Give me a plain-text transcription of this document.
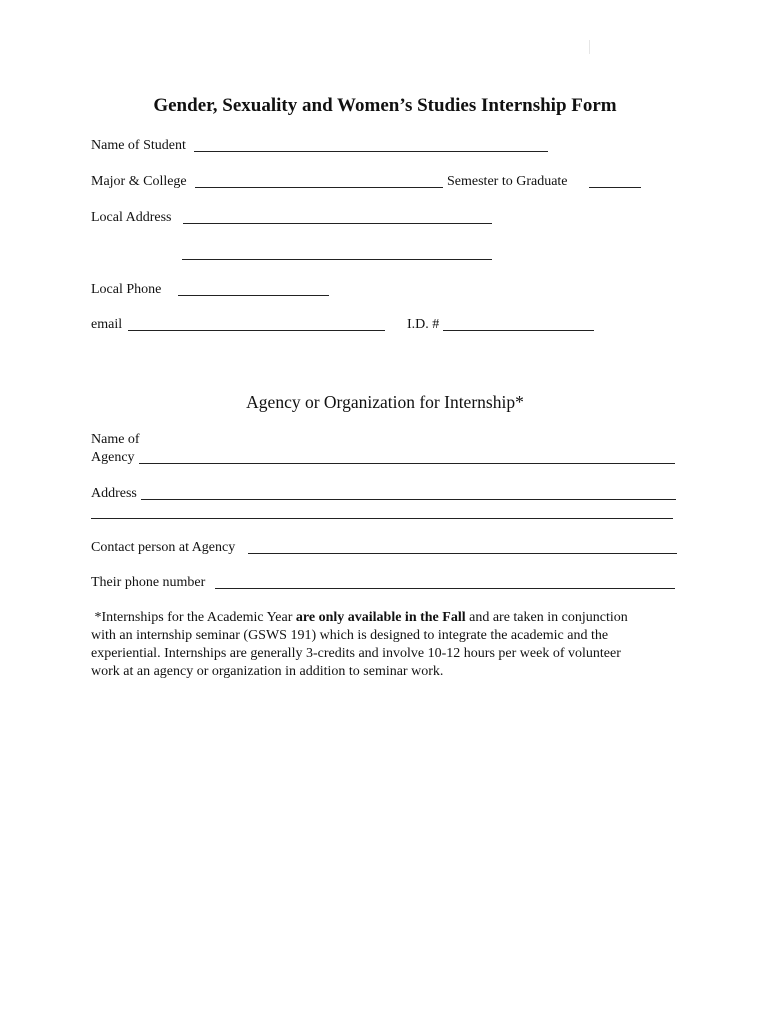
Gender, Sexuality and Women’s Studies Internship Form
Name of Student
Major & College	Semester to Graduate
Local Address
Local Phone
email	I.D. #
Agency or Organization for Internship*
Name of
Agency
Address
Contact person at Agency
Their phone number
*Internships for the Academic Year are only available in the Fall and are taken in conjunction
with an internship seminar (GSWS 191) which is designed to integrate the academic and the
experiential. Internships are generally 3-credits and involve 10-12 hours per week of volunteer
work at an agency or organization in addition to seminar work.
